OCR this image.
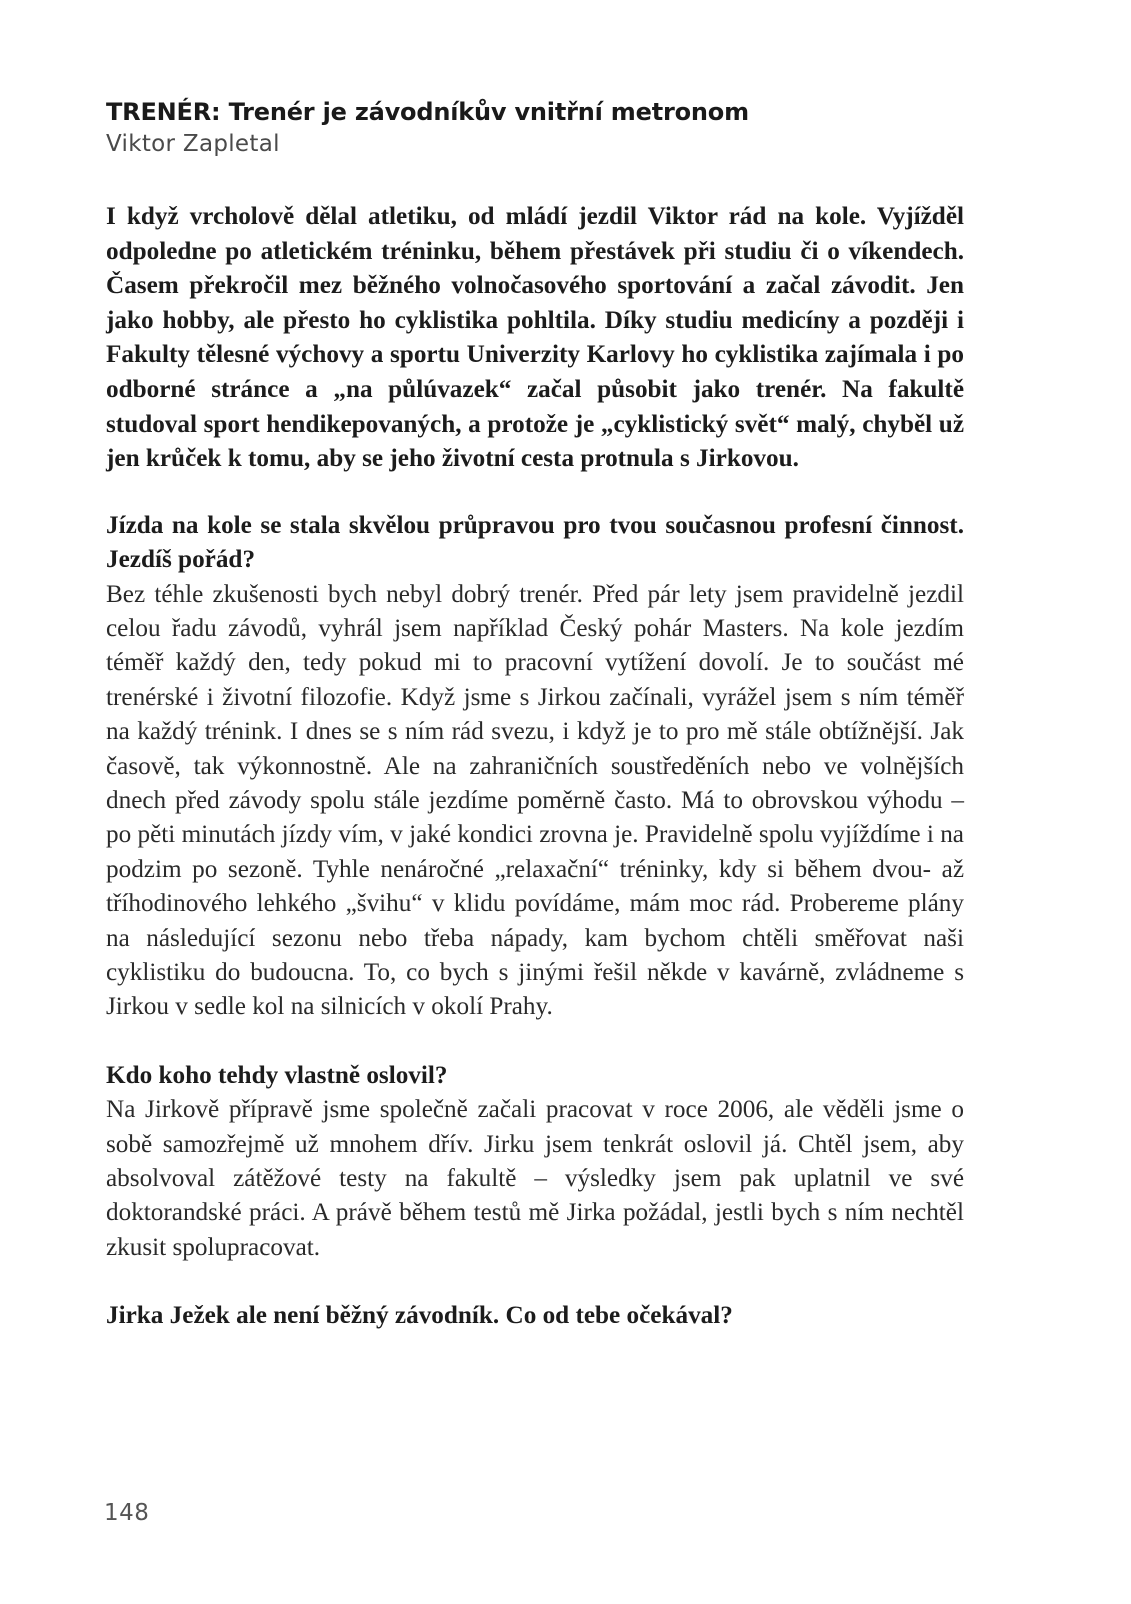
TRENÉR: Trenér je závodníkův vnitřní metronom

Viktor Zapletal

I když vrcholově dělal atletiku, od mládí jezdil Viktor rád na kole. Vyjížděl odpoledne po atletickém tréninku, během přestávek při studiu či o víkendech. Časem překročil mez běžného volnočasového sportování a začal závodit. Jen jako hobby, ale přesto ho cyklistika pohltila. Díky studiu medicíny a později i Fakulty tělesné výchovy a sportu Univerzity Karlovy ho cyklistika zajímala i po odborné stránce a „na půlúvazek“ začal působit jako trenér. Na fakultě studoval sport hendikepovaných, a protože je „cyklistický svět“ malý, chyběl už jen krůček k tomu, aby se jeho životní cesta protnula s Jirkovou.

Jízda na kole se stala skvělou průpravou pro tvou současnou profesní činnost. Jezdíš pořád?

Bez téhle zkušenosti bych nebyl dobrý trenér. Před pár lety jsem pravidelně jezdil celou řadu závodů, vyhrál jsem například Český pohár Masters. Na kole jezdím téměř každý den, tedy pokud mi to pracovní vytížení dovolí. Je to součást mé trenérské i životní filozofie. Když jsme s Jirkou začínali, vyrážel jsem s ním téměř na každý trénink. I dnes se s ním rád svezu, i když je to pro mě stále obtížnější. Jak časově, tak výkonnostně. Ale na zahraničních soustředěních nebo ve volnějších dnech před závody spolu stále jezdíme poměrně často. Má to obrovskou výhodu – po pěti minutách jízdy vím, v jaké kondici zrovna je. Pravidelně spolu vyjíždíme i na podzim po sezoně. Tyhle nenáročné „relaxační“ tréninky, kdy si během dvou- až tříhodinového lehkého „švihu“ v klidu povídáme, mám moc rád. Probereme plány na následující sezonu nebo třeba nápady, kam bychom chtěli směřovat naši cyklistiku do budoucna. To, co bych s jinými řešil někde v kavárně, zvládneme s Jirkou v sedle kol na silnicích v okolí Prahy.

Kdo koho tehdy vlastně oslovil?

Na Jirkově přípravě jsme společně začali pracovat v roce 2006, ale věděli jsme o sobě samozřejmě už mnohem dřív. Jirku jsem tenkrát oslovil já. Chtěl jsem, aby absolvoval zátěžové testy na fakultě – výsledky jsem pak uplatnil ve své doktorandské práci. A právě během testů mě Jirka požádal, jestli bych s ním nechtěl zkusit spolupracovat.

Jirka Ježek ale není běžný závodník. Co od tebe očekával?

148
